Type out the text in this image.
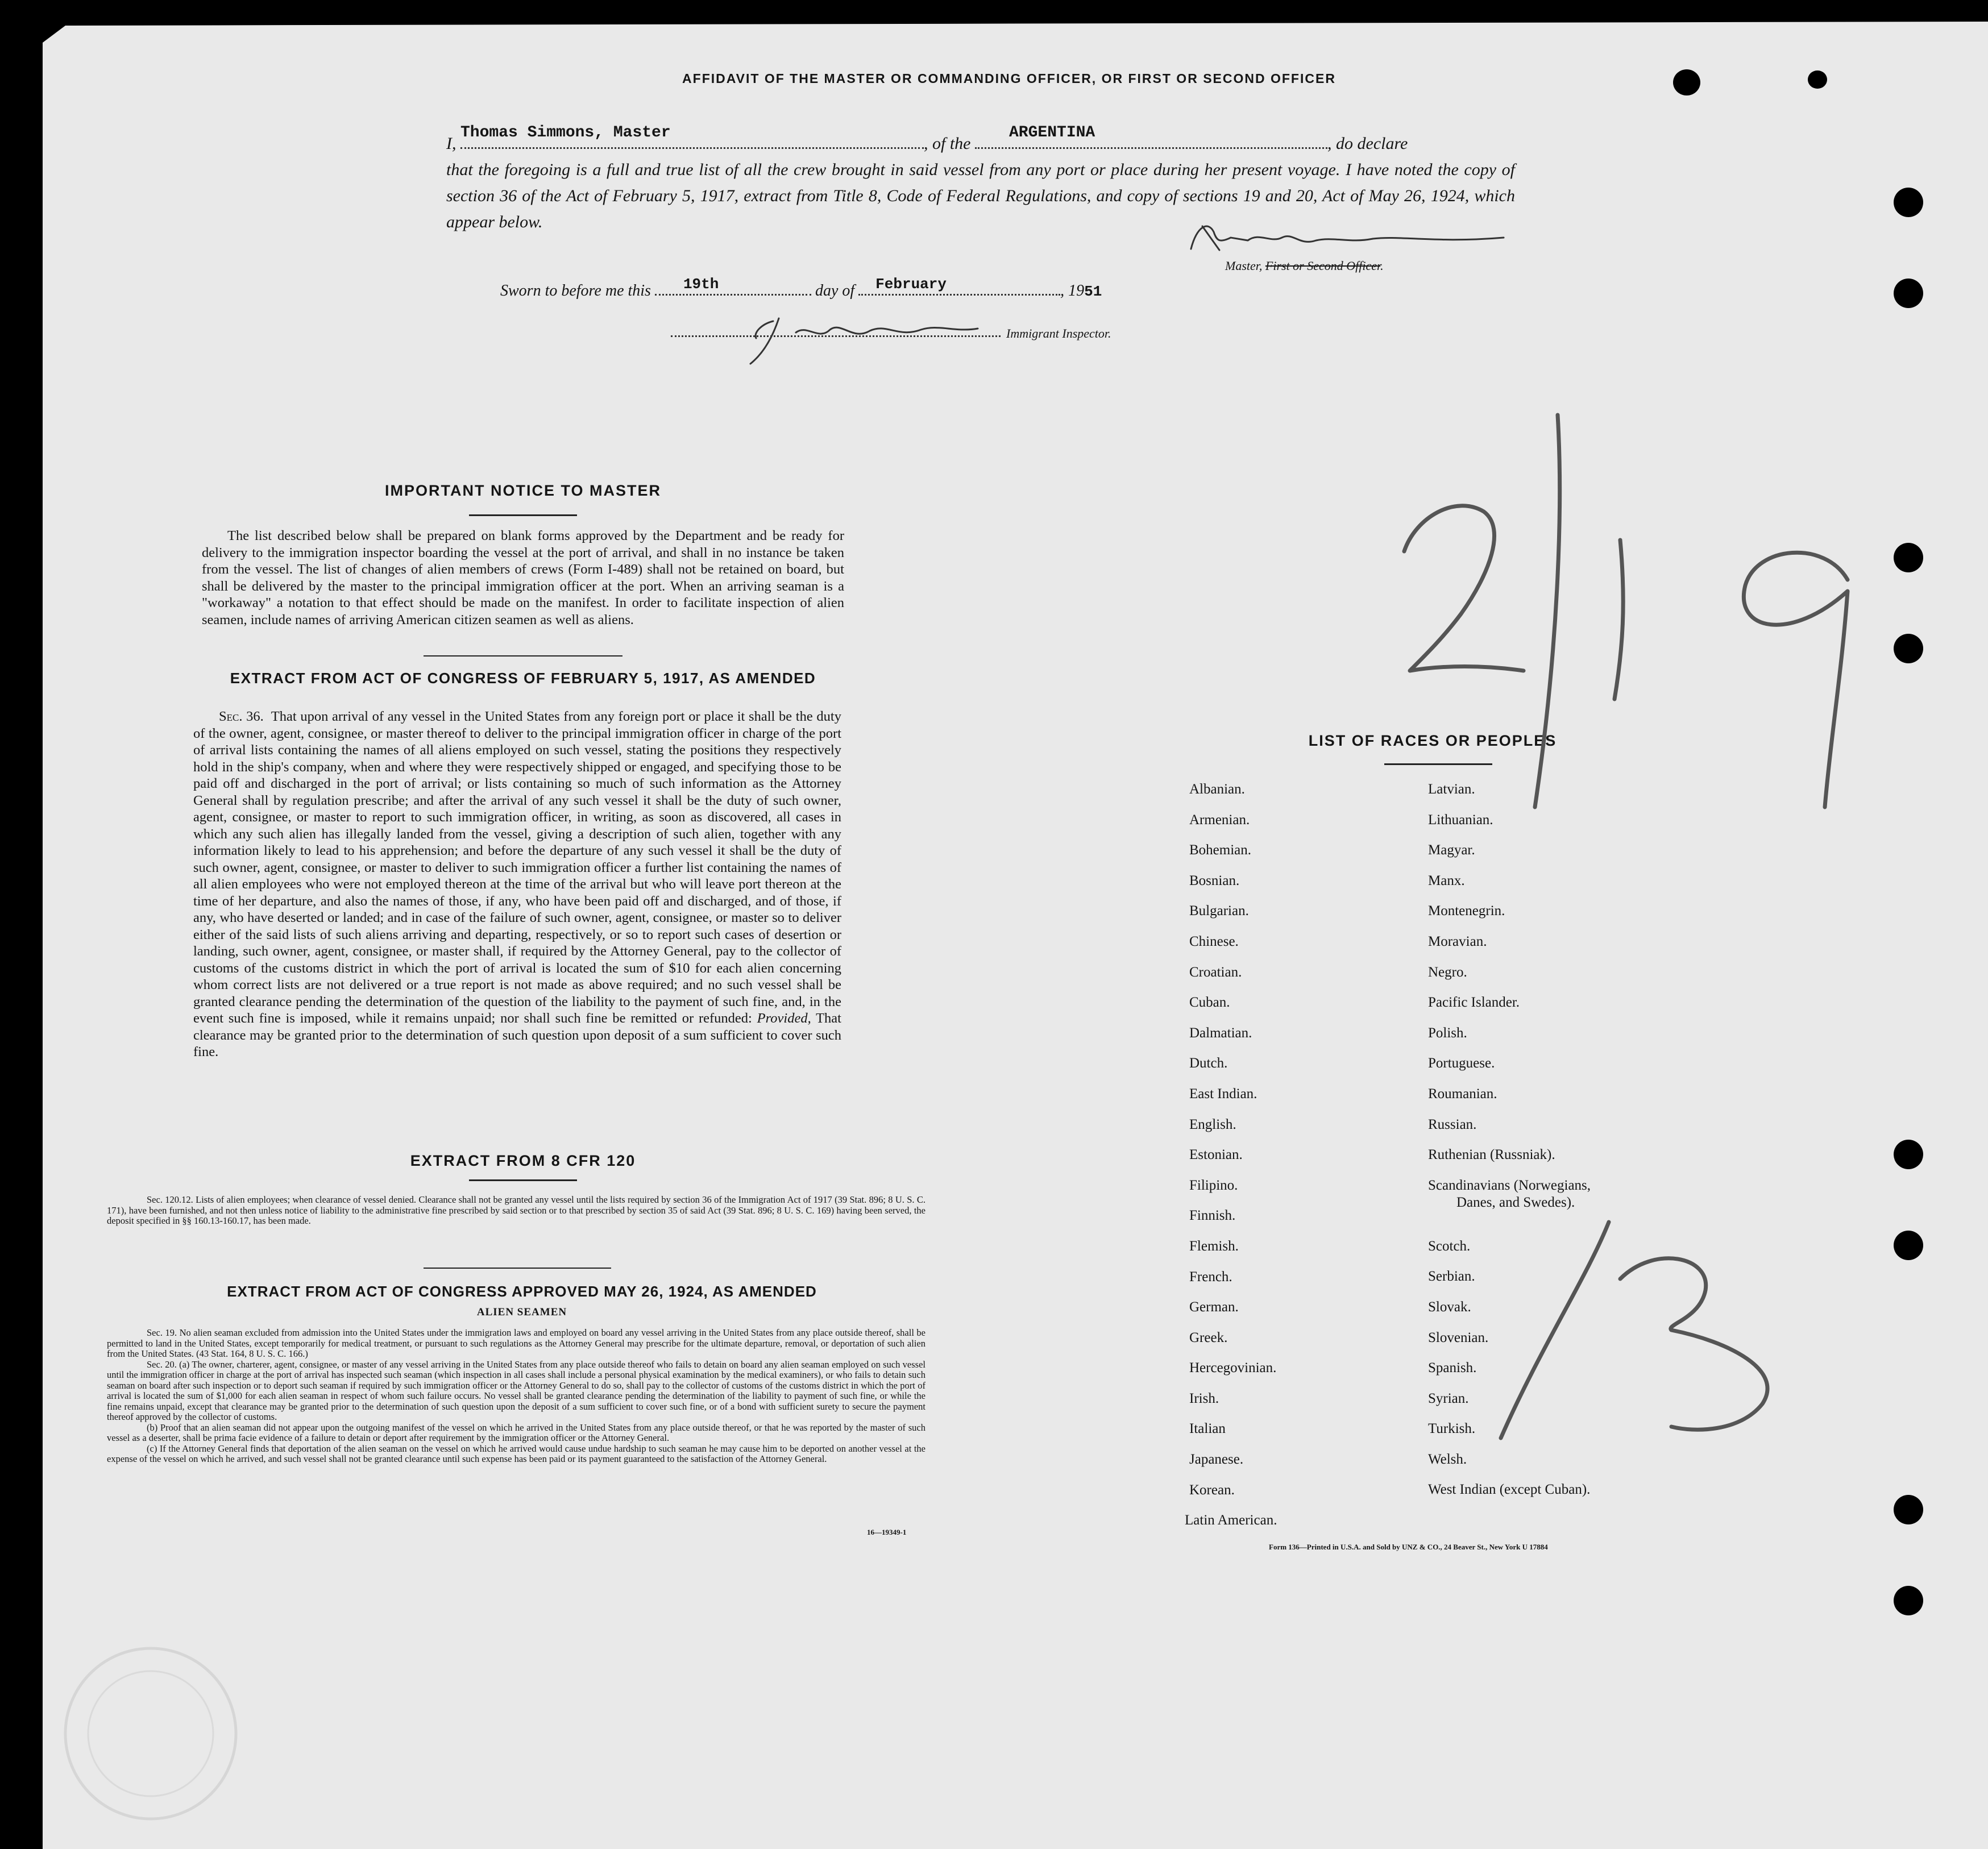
AFFIDAVIT OF THE MASTER OR COMMANDING OFFICER, OR FIRST OR SECOND OFFICER
I,
Thomas Simmons, Master
, of the
ARGENTINA
, do declare
that the foregoing is a full and true list of all the crew brought in said vessel from any port or place during her present voyage. I have noted the copy of section 36 of the Act of February 5, 1917, extract from Title 8, Code of Federal Regulations, and copy of sections 19 and 20, Act of May 26, 1924, which appear below.
Master, First or Second Officer.
Sworn to before me this 19th	day of February	, 1951
Immigrant Inspector.
IMPORTANT NOTICE TO MASTER
The list described below shall be prepared on blank forms approved by the Department and be ready for delivery to the immigration inspector boarding the vessel at the port of arrival, and shall in no instance be taken from the vessel. The list of changes of alien members of crews (Form I-489) shall not be retained on board, but shall be delivered by the master to the principal immigration officer at the port. When an arriving seaman is a "workaway" a notation to that effect should be made on the manifest. In order to facilitate inspection of alien seamen, include names of arriving American citizen seamen as well as aliens.
EXTRACT FROM ACT OF CONGRESS OF FEBRUARY 5, 1917, AS AMENDED
Sec. 36. That upon arrival of any vessel in the United States from any foreign port or place it shall be the duty of the owner, agent, consignee, or master thereof to deliver to the principal immigration officer in charge of the port of arrival lists containing the names of all aliens employed on such vessel, stating the positions they respectively hold in the ship's company, when and where they were respectively shipped or engaged, and specifying those to be paid off and discharged in the port of arrival; or lists containing so much of such information as the Attorney General shall by regulation prescribe; and after the arrival of any such vessel it shall be the duty of such owner, agent, consignee, or master to report to such immigration officer, in writing, as soon as discovered, all cases in which any such alien has illegally landed from the vessel, giving a description of such alien, together with any information likely to lead to his apprehension; and before the departure of any such vessel it shall be the duty of such owner, agent, consignee, or master to deliver to such immigration officer a further list containing the names of all alien employees who were not employed thereon at the time of the arrival but who will leave port thereon at the time of her departure, and also the names of those, if any, who have been paid off and discharged, and of those, if any, who have deserted or landed; and in case of the failure of such owner, agent, consignee, or master so to deliver either of the said lists of such aliens arriving and departing, respectively, or so to report such cases of desertion or landing, such owner, agent, consignee, or master shall, if required by the Attorney General, pay to the collector of customs of the customs district in which the port of arrival is located the sum of $10 for each alien concerning whom correct lists are not delivered or a true report is not made as above required; and no such vessel shall be granted clearance pending the determination of the question of the liability to the payment of such fine, and, in the event such fine is imposed, while it remains unpaid; nor shall such fine be remitted or refunded: Provided, That clearance may be granted prior to the determination of such question upon deposit of a sum sufficient to cover such fine.
EXTRACT FROM 8 CFR 120
Sec. 120.12. Lists of alien employees; when clearance of vessel denied. Clearance shall not be granted any vessel until the lists required by section 36 of the Immigration Act of 1917 (39 Stat. 896; 8 U. S. C. 171), have been furnished, and not then unless notice of liability to the administrative fine prescribed by said section or to that prescribed by section 35 of said Act (39 Stat. 896; 8 U. S. C. 169) having been served, the deposit specified in §§ 160.13-160.17, has been made.
EXTRACT FROM ACT OF CONGRESS APPROVED MAY 26, 1924, AS AMENDED
ALIEN SEAMEN
Sec. 19. No alien seaman excluded from admission into the United States under the immigration laws and employed on board any vessel arriving in the United States from any place outside thereof, shall be permitted to land in the United States, except temporarily for medical treatment, or pursuant to such regulations as the Attorney General may prescribe for the ultimate departure, removal, or deportation of such alien from the United States. (43 Stat. 164, 8 U. S. C. 166.)
Sec. 20. (a) The owner, charterer, agent, consignee, or master of any vessel arriving in the United States from any place outside thereof who fails to detain on board any alien seaman employed on such vessel until the immigration officer in charge at the port of arrival has inspected such seaman (which inspection in all cases shall include a personal physical examination by the medical examiners), or who fails to detain such seaman on board after such inspection or to deport such seaman if required by such immigration officer or the Attorney General to do so, shall pay to the collector of customs of the customs district in which the port of arrival is located the sum of $1,000 for each alien seaman in respect of whom such failure occurs. No vessel shall be granted clearance pending the determination of the liability to payment of such fine, or while the fine remains unpaid, except that clearance may be granted prior to the determination of such question upon the deposit of a sum sufficient to cover such fine, or of a bond with sufficient surety to secure the payment thereof approved by the collector of customs.
(b) Proof that an alien seaman did not appear upon the outgoing manifest of the vessel on which he arrived in the United States from any place outside thereof, or that he was reported by the master of such vessel as a deserter, shall be prima facie evidence of a failure to detain or deport after requirement by the immigration officer or the Attorney General.
(c) If the Attorney General finds that deportation of the alien seaman on the vessel on which he arrived would cause undue hardship to such seaman he may cause him to be deported on another vessel at the expense of the vessel on which he arrived, and such vessel shall not be granted clearance until such expense has been paid or its payment guaranteed to the satisfaction of the Attorney General.
16—19349-1
LIST OF RACES OR PEOPLES
Albanian.
Armenian.
Bohemian.
Bosnian.
Bulgarian.
Chinese.
Croatian.
Cuban.
Dalmatian.
Dutch.
East Indian.
English.
Estonian.
Filipino.
Finnish.
Flemish.
French.
German.
Greek.
Hercegovinian.
Irish.
Italian
Japanese.
Korean.
Latin American.
Latvian.
Lithuanian.
Magyar.
Manx.
Montenegrin.
Moravian.
Negro.
Pacific Islander.
Polish.
Portuguese.
Roumanian.
Russian.
Ruthenian (Russniak).
Scandinavians (Norwegians,
Danes, and Swedes).
Scotch.
Serbian.
Slovak.
Slovenian.
Spanish.
Syrian.
Turkish.
Welsh.
West Indian (except Cuban).
Form 136—Printed in U.S.A. and Sold by UNZ & CO., 24 Beaver St., New York U 17884
